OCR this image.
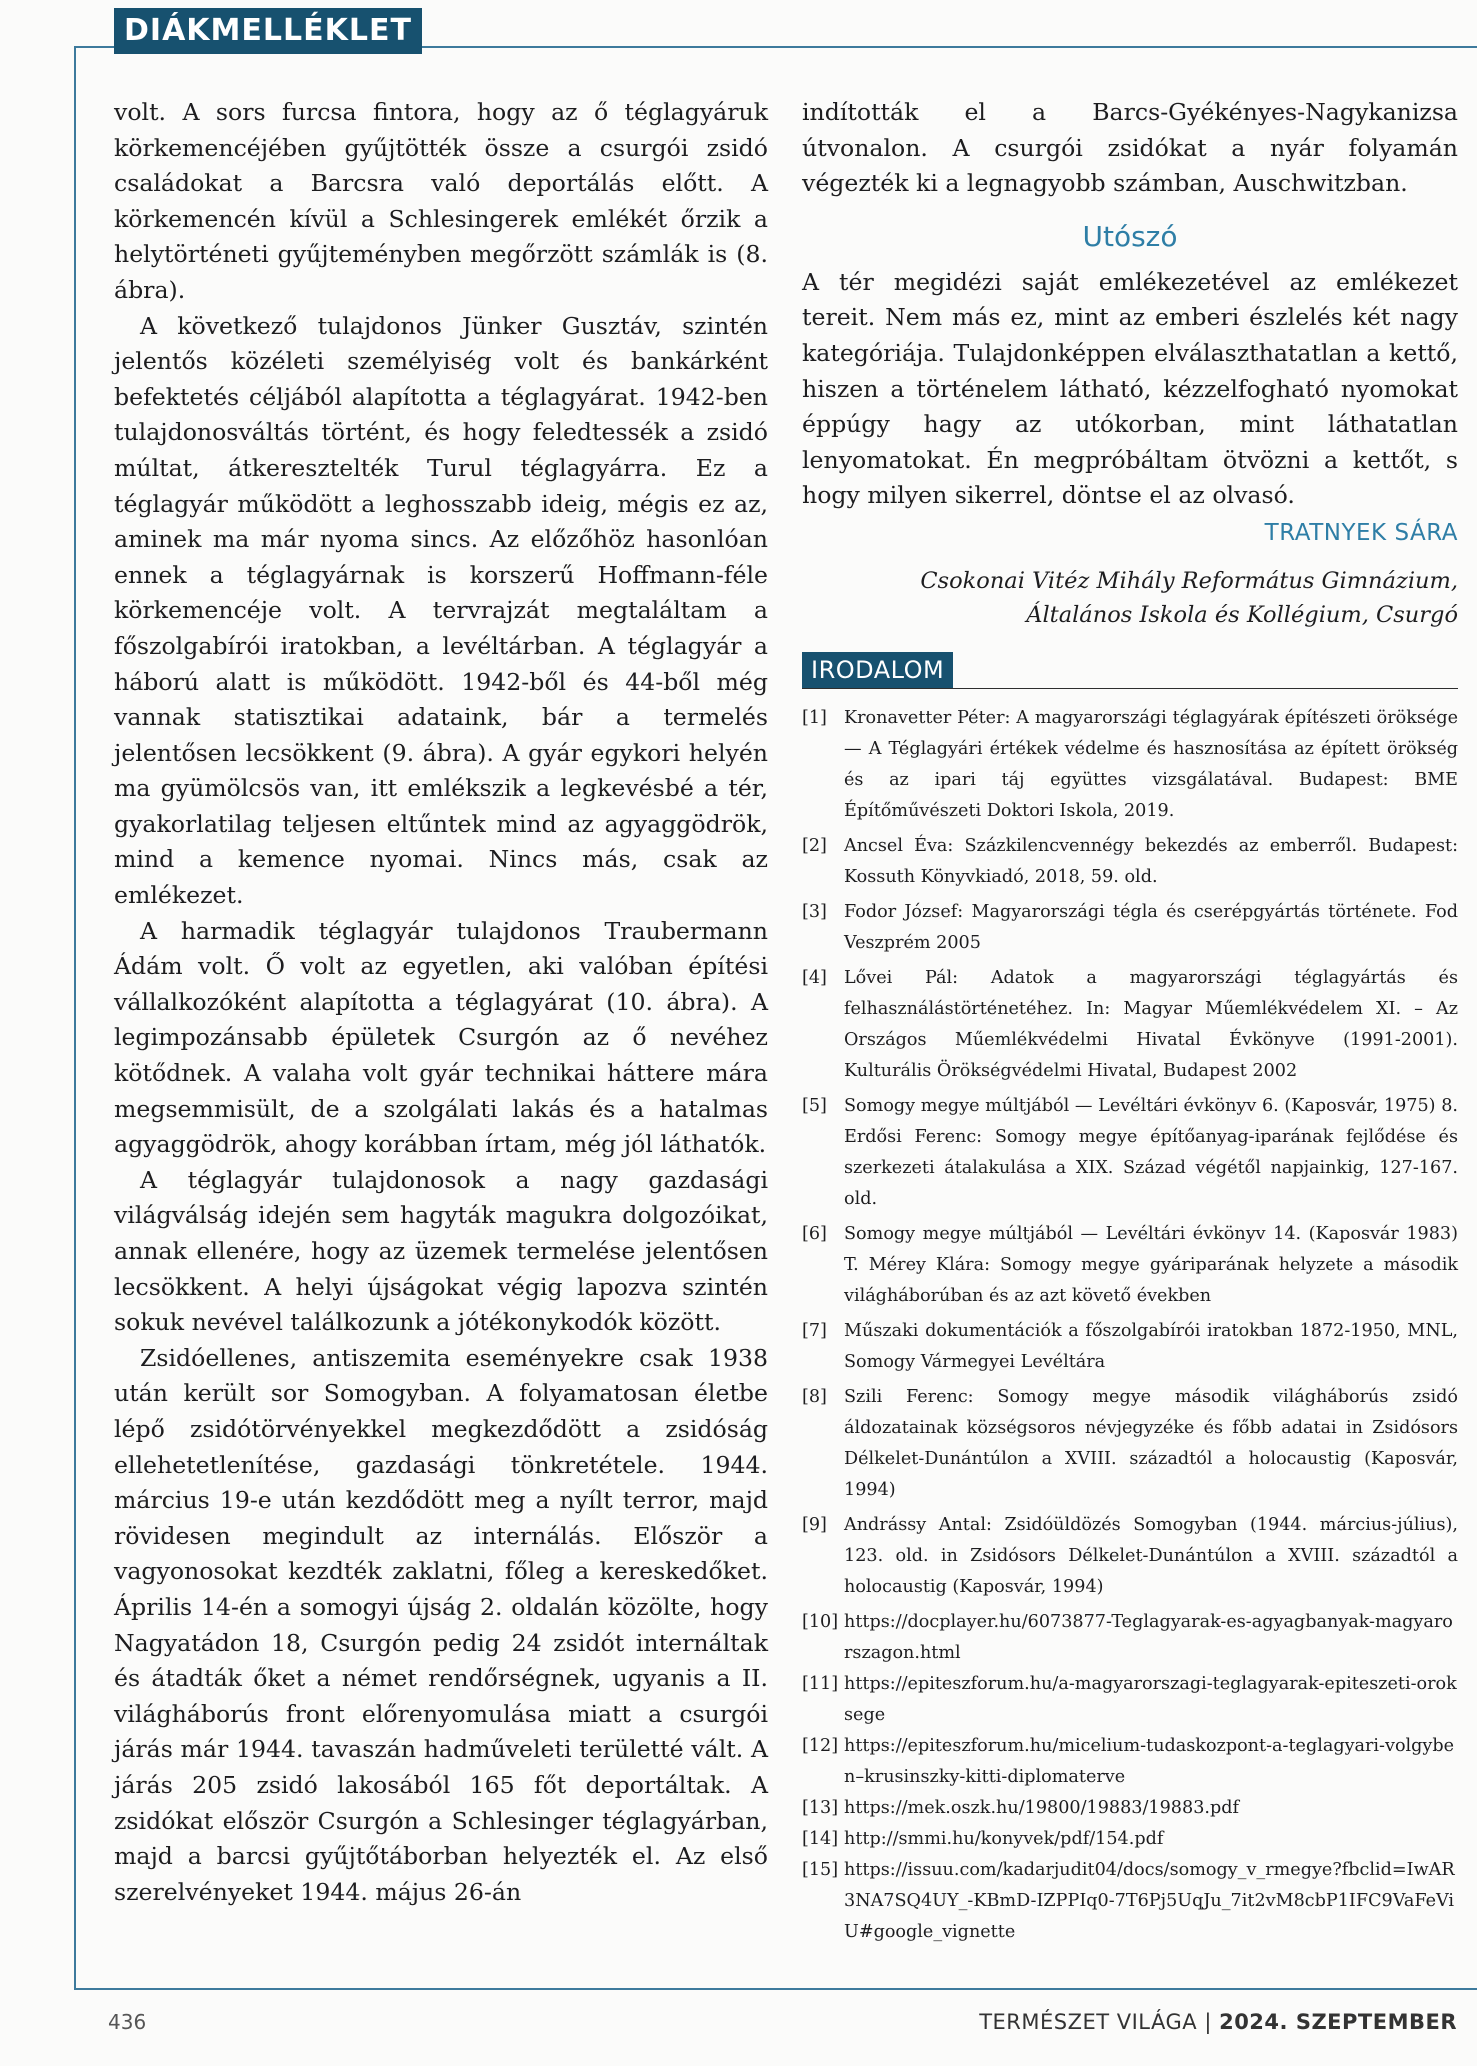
DIÁKMELLÉKLET

volt. A sors furcsa fintora, hogy az ő téglagyáruk körkemencéjében gyűjtötték össze a csurgói zsidó családokat a Barcsra való deportálás előtt. A körkemencén kívül a Schlesingerek emlékét őrzik a helytörténeti gyűjteményben megőrzött számlák is (8. ábra).

A következő tulajdonos Jünker Gusztáv, szintén jelentős közéleti személyiség volt és bankárként befektetés céljából alapította a téglagyárat. 1942-ben tulajdonosváltás történt, és hogy feledtessék a zsidó múltat, átkeresztelték Turul téglagyárra. Ez a téglagyár működött a leghosszabb ideig, mégis ez az, aminek ma már nyoma sincs. Az előzőhöz hasonlóan ennek a téglagyárnak is korszerű Hoffmann-féle körkemencéje volt. A tervrajzát megtaláltam a főszolgabírói iratokban, a levéltárban. A téglagyár a háború alatt is működött. 1942-ből és 44-ből még vannak statisztikai adataink, bár a termelés jelentősen lecsökkent (9. ábra). A gyár egykori helyén ma gyümölcsös van, itt emlékszik a legkevésbé a tér, gyakorlatilag teljesen eltűntek mind az agyaggödrök, mind a kemence nyomai. Nincs más, csak az emlékezet.

A harmadik téglagyár tulajdonos Traubermann Ádám volt. Ő volt az egyetlen, aki valóban építési vállalkozóként alapította a téglagyárat (10. ábra). A legimpozánsabb épületek Csurgón az ő nevéhez kötődnek. A valaha volt gyár technikai háttere mára megsemmisült, de a szolgálati lakás és a hatalmas agyaggödrök, ahogy korábban írtam, még jól láthatók.

A téglagyár tulajdonosok a nagy gazdasági világválság idején sem hagyták magukra dolgozóikat, annak ellenére, hogy az üzemek termelése jelentősen lecsökkent. A helyi újságokat végig lapozva szintén sokuk nevével találkozunk a jótékonykodók között.

Zsidóellenes, antiszemita eseményekre csak 1938 után került sor Somogyban. A folyamatosan életbe lépő zsidótörvényekkel megkezdődött a zsidóság ellehetetlenítése, gazdasági tönkretétele. 1944. március 19-e után kezdődött meg a nyílt terror, majd rövidesen megindult az internálás. Először a vagyonosokat kezdték zaklatni, főleg a kereskedőket. Április 14-én a somogyi újság 2. oldalán közölte, hogy Nagyatádon 18, Csurgón pedig 24 zsidót internáltak és átadták őket a német rendőrségnek, ugyanis a II. világháborús front előrenyomulása miatt a csurgói járás már 1944. tavaszán hadműveleti területté vált. A járás 205 zsidó lakosából 165 főt deportáltak. A zsidókat először Csurgón a Schlesinger téglagyárban, majd a barcsi gyűjtőtáborban helyezték el. Az első szerelvényeket 1944. május 26-án

indították el a Barcs-Gyékényes-Nagykanizsa útvonalon. A csurgói zsidókat a nyár folyamán végezték ki a legnagyobb számban, Auschwitzban.

Utószó

A tér megidézi saját emlékezetével az emlékezet tereit. Nem más ez, mint az emberi észlelés két nagy kategóriája. Tulajdonképpen elválaszthatatlan a kettő, hiszen a történelem látható, kézzelfogható nyomokat éppúgy hagy az utókorban, mint láthatatlan lenyomatokat. Én megpróbáltam ötvözni a kettőt, s hogy milyen sikerrel, döntse el az olvasó.

TRATNYEK SÁRA
Csokonai Vitéz Mihály Református Gimnázium,
Általános Iskola és Kollégium, Csurgó
IRODALOM
[1] Kronavetter Péter: A magyarországi téglagyárak építészeti öröksége — A Téglagyári értékek védelme és hasznosítása az épített örökség és az ipari táj együttes vizsgálatával. Budapest: BME Építőművészeti Doktori Iskola, 2019.
[2] Ancsel Éva: Százkilencvennégy bekezdés az emberről. Budapest: Kossuth Könyvkiadó, 2018, 59. old.
[3] Fodor József: Magyarországi tégla és cserépgyártás története. Fod Veszprém 2005
[4] Lővei Pál: Adatok a magyarországi téglagyártás és felhasználástörténetéhez. In: Magyar Műemlékvédelem XI. – Az Országos Műemlékvédelmi Hivatal Évkönyve (1991-2001). Kulturális Örökségvédelmi Hivatal, Budapest 2002
[5] Somogy megye múltjából — Levéltári évkönyv 6. (Kaposvár, 1975) 8. Erdősi Ferenc: Somogy megye építőanyag-iparának fejlődése és szerkezeti átalakulása a XIX. Század végétől napjainkig, 127-167. old.
[6] Somogy megye múltjából — Levéltári évkönyv 14. (Kaposvár 1983) T. Mérey Klára: Somogy megye gyáriparának helyzete a második világháborúban és az azt követő években
[7] Műszaki dokumentációk a főszolgabírói iratokban 1872-1950, MNL, Somogy Vármegyei Levéltára
[8] Szili Ferenc: Somogy megye második világháborús zsidó áldozatainak községsoros névjegyzéke és főbb adatai in Zsidósors Délkelet-Dunántúlon a XVIII. századtól a holocaustig (Kaposvár, 1994)
[9] Andrássy Antal: Zsidóüldözés Somogyban (1944. március-július), 123. old. in Zsidósors Délkelet-Dunántúlon a XVIII. századtól a holocaustig (Kaposvár, 1994)
[10] https://docplayer.hu/6073877-Teglagyarak-es-agyagbanyak-magyarorszagon.html
[11] https://epiteszforum.hu/a-magyarorszagi-teglagyarak-epiteszeti-oroksege
[12] https://epiteszforum.hu/micelium-tudaskozpont-a-teglagyari-volgyben–krusinszky-kitti-diplomaterve
[13] https://mek.oszk.hu/19800/19883/19883.pdf
[14] http://smmi.hu/konyvek/pdf/154.pdf
[15] https://issuu.com/kadarjudit04/docs/somogy_v_rmegye?fbclid=IwAR3NA7SQ4UY_-KBmD-IZPPIq0-7T6Pj5UqJu_7it2vM8cbP1IFC9VaFeViU#google_vignette
436	TERMÉSZET VILÁGA | 2024. SZEPTEMBER
